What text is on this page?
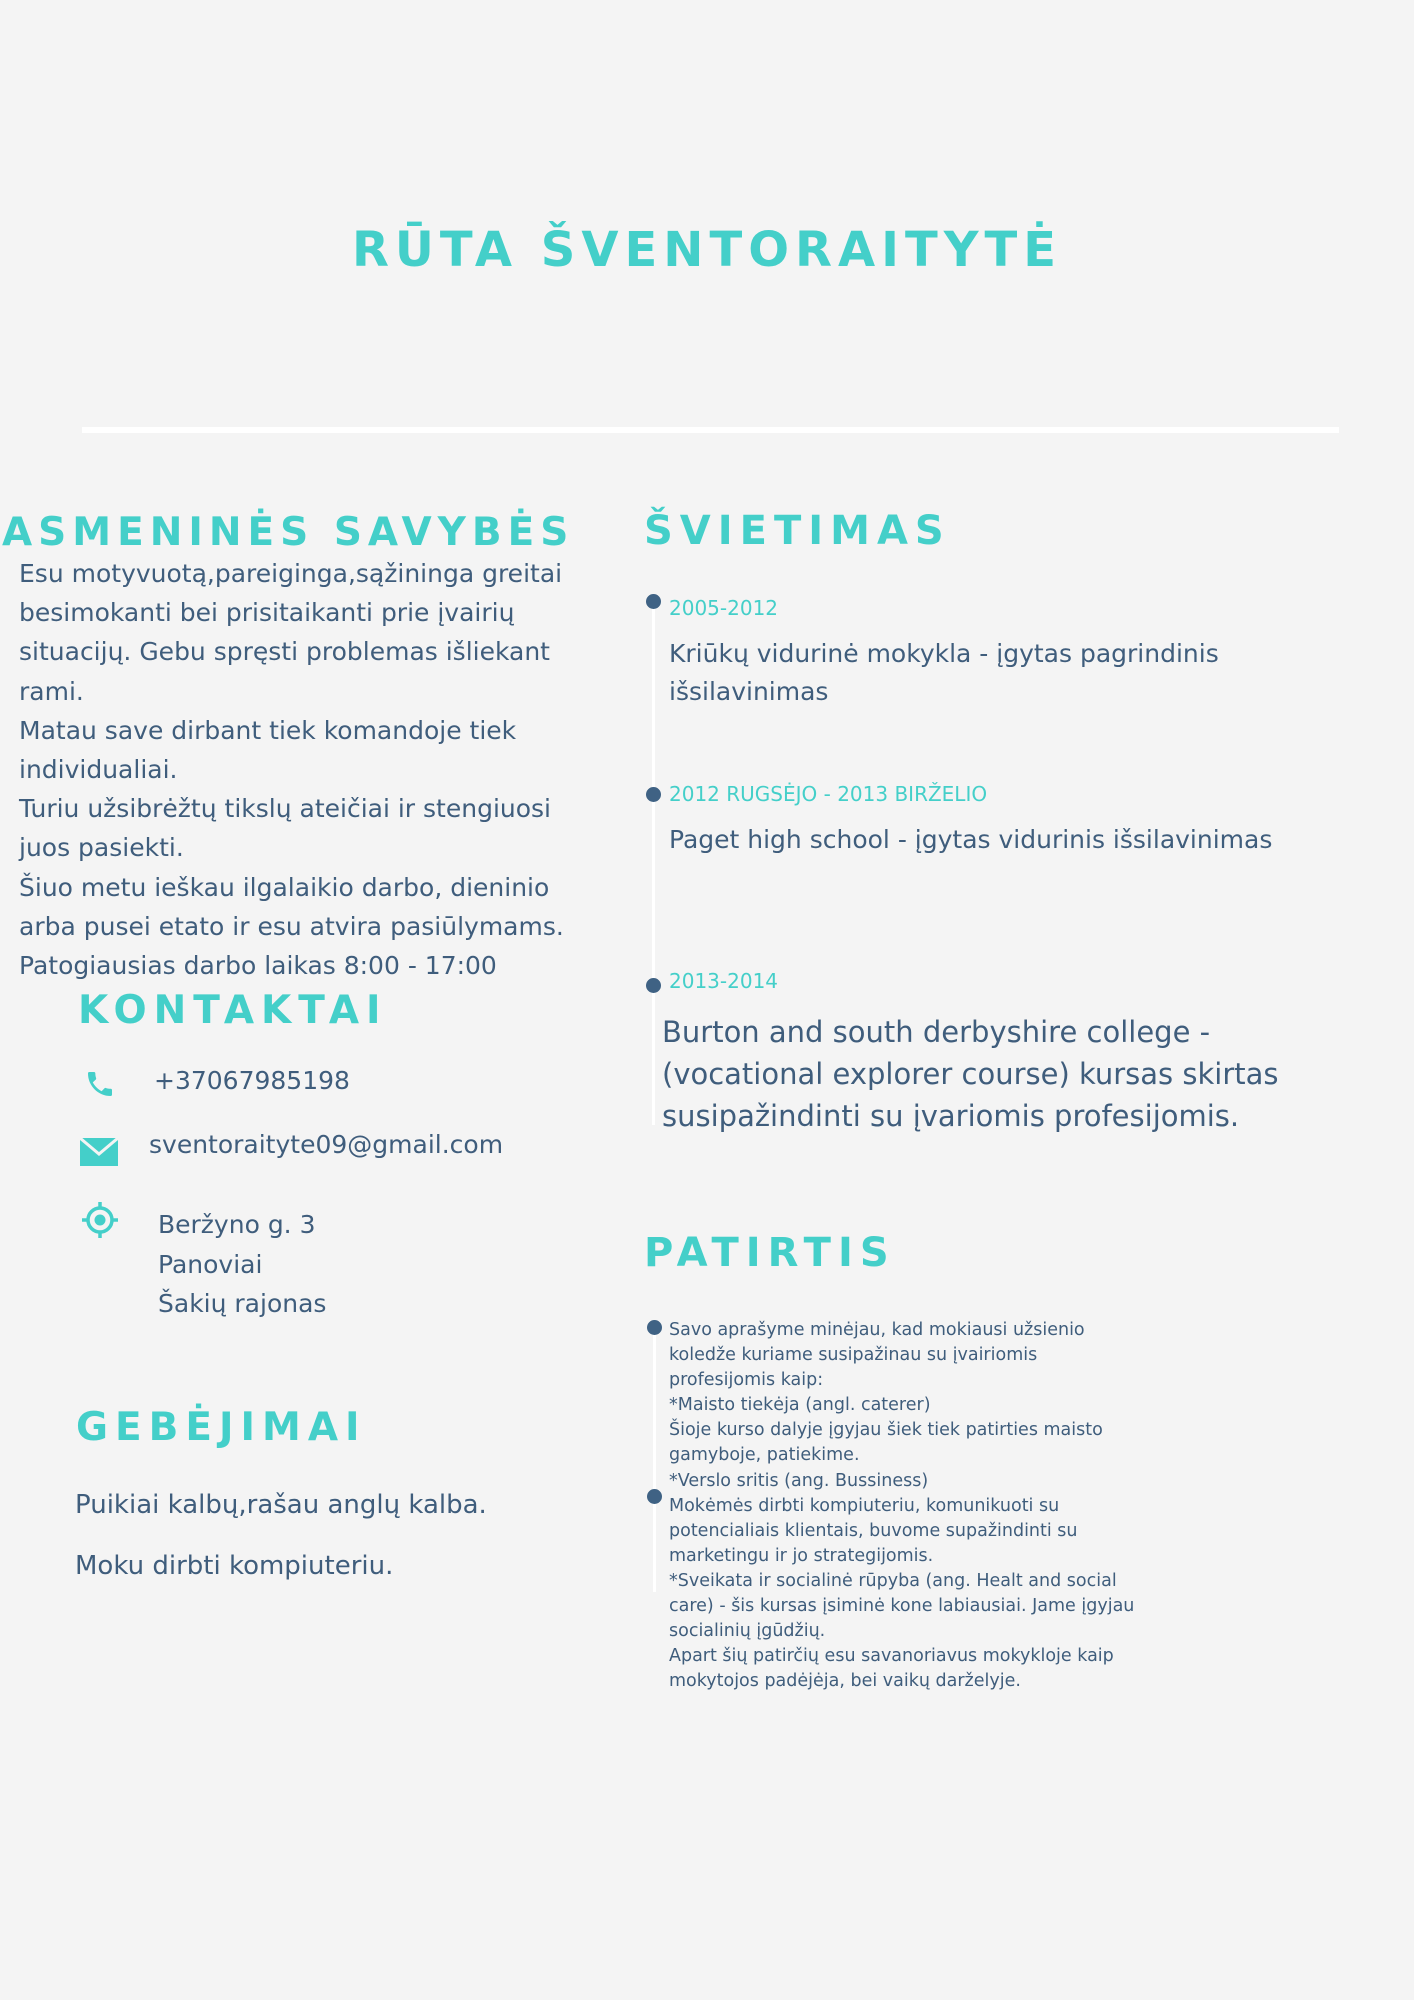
RŪTA ŠVENTORAITYTĖ
ASMENINĖS SAVYBĖS
Esu motyvuotą,pareiginga,sąžininga greitai
besimokanti bei prisitaikanti prie įvairių
situacijų. Gebu spręsti problemas išliekant
rami.
Matau save dirbant tiek komandoje tiek
individualiai.
Turiu užsibrėžtų tikslų ateičiai ir stengiuosi
juos pasiekti.
Šiuo metu ieškau ilgalaikio darbo, dieninio
arba pusei etato ir esu atvira pasiūlymams.
Patogiausias darbo laikas 8:00 - 17:00
KONTAKTAI
+37067985198
sventoraityte09@gmail.com
Beržyno g. 3
Panoviai
Šakių rajonas
GEBĖJIMAI
Puikiai kalbų,rašau anglų kalba.
Moku dirbti kompiuteriu.
ŠVIETIMAS
2005-2012
Kriūkų vidurinė mokykla - įgytas pagrindinis išsilavinimas
2012 RUGSĖJO - 2013 BIRŽELIO
Paget high school - įgytas vidurinis išsilavinimas
2013-2014
Burton and south derbyshire college - (vocational explorer course) kursas skirtas susipažindinti su įvariomis profesijomis.
PATIRTIS
Savo aprašyme minėjau, kad mokiausi užsienio
koledže kuriame susipažinau su įvairiomis
profesijomis kaip:
*Maisto tiekėja (angl. caterer)
Šioje kurso dalyje įgyjau šiek tiek patirties maisto
gamyboje, patiekime.
*Verslo sritis (ang. Bussiness)
Mokėmės dirbti kompiuteriu, komunikuoti su
potencialiais klientais, buvome supažindinti su
marketingu ir jo strategijomis.
*Sveikata ir socialinė rūpyba (ang. Healt and social
care) - šis kursas įsiminė kone labiausiai. Jame įgyjau
socialinių įgūdžių.
Apart šių patirčių esu savanoriavus mokykloje kaip
mokytojos padėjėja, bei vaikų darželyje.
